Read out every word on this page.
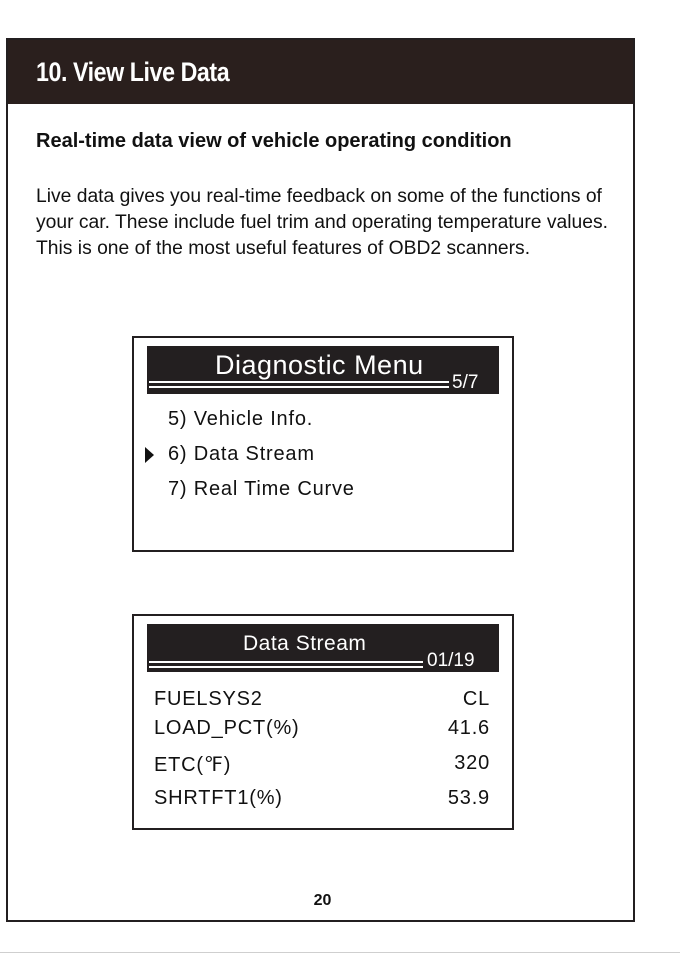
10. View Live Data
Real-time data view of vehicle operating condition

Live data gives you real-time feedback on some of the functions of your car. These include fuel trim and operating temperature values. This is one of the most useful features of OBD2 scanners.

Diagnostic Menu
5/7
5) Vehicle Info.
6) Data Stream
7) Real Time Curve
Data Stream
01/19
FUELSYS2	CL
LOAD_PCT(%)	41.6
ETC(℉)	320
SHRTFT1(%)	53.9
20
